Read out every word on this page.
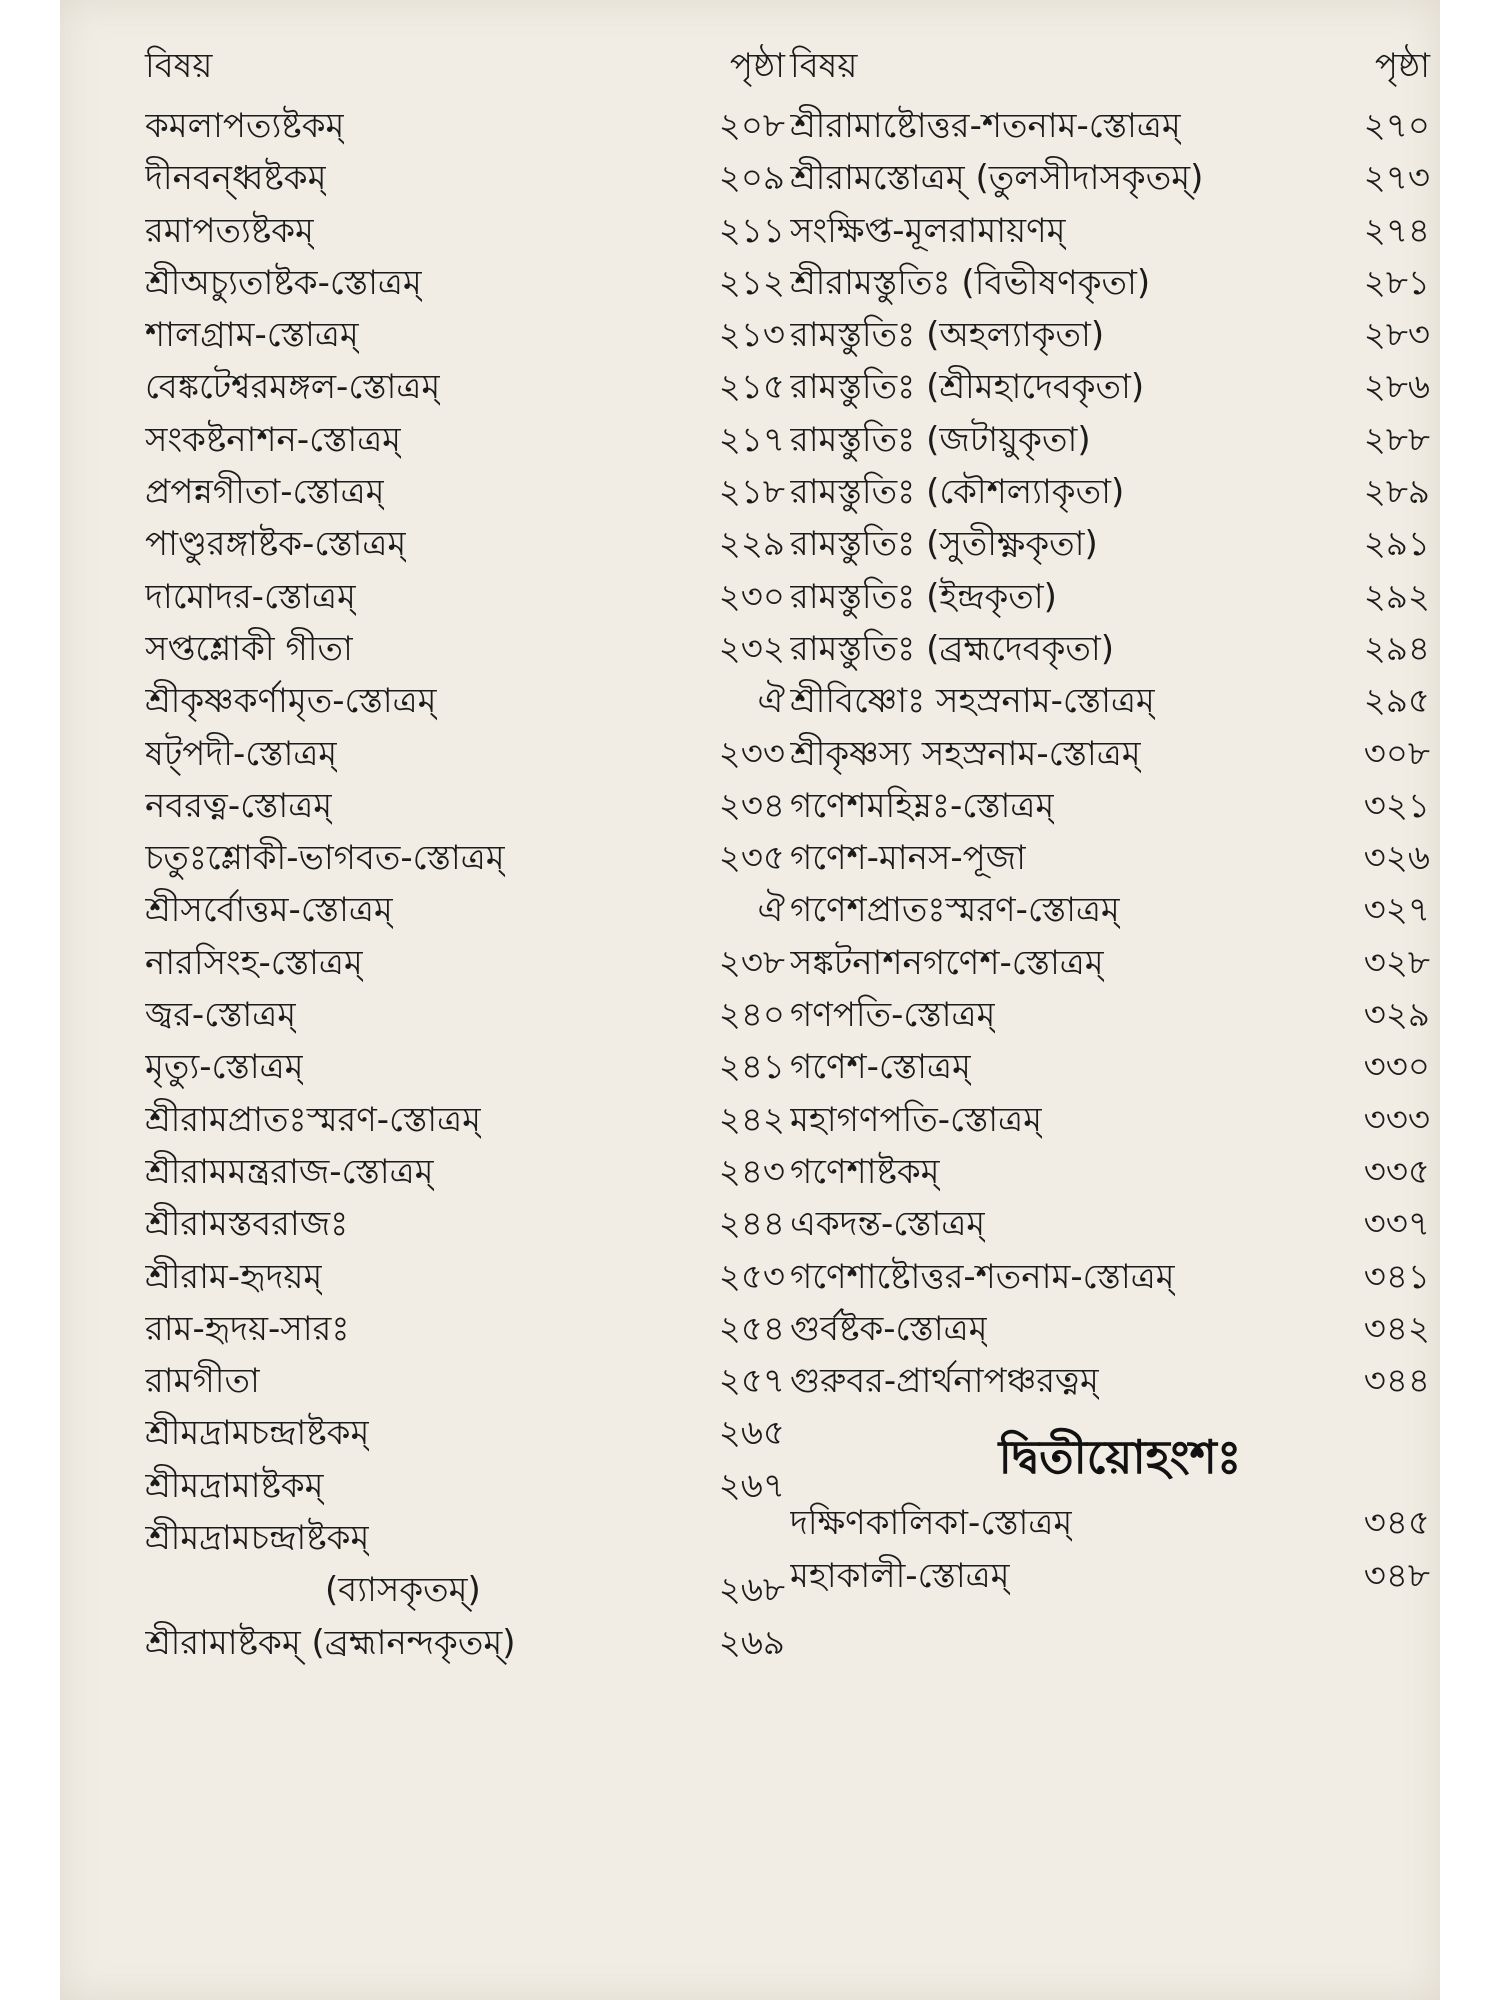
বিষয়	পৃষ্ঠা
কমলাপত্যষ্টকম্	২০৮
দীনবন্ধ্বষ্টকম্	২০৯
রমাপত্যষ্টকম্	২১১
শ্রীঅচ্যুতাষ্টক-স্তোত্রম্	২১২
শালগ্রাম-স্তোত্রম্	২১৩
বেঙ্কটেশ্বরমঙ্গল-স্তোত্রম্	২১৫
সংকষ্টনাশন-স্তোত্রম্	২১৭
প্রপন্নগীতা-স্তোত্রম্	২১৮
পাণ্ডুরঙ্গাষ্টক-স্তোত্রম্	২২৯
দামোদর-স্তোত্রম্	২৩০
সপ্তশ্লোকী গীতা	২৩২
শ্রীকৃষ্ণকর্ণামৃত-স্তোত্রম্	ঐ
ষট্‌পদী-স্তোত্রম্	২৩৩
নবরত্ন-স্তোত্রম্	২৩৪
চতুঃশ্লোকী-ভাগবত-স্তোত্রম্	২৩৫
শ্রীসর্বোত্তম-স্তোত্রম্	ঐ
নারসিংহ-স্তোত্রম্	২৩৮
জ্বর-স্তোত্রম্	২৪০
মৃত্যু-স্তোত্রম্	২৪১
শ্রীরামপ্রাতঃস্মরণ-স্তোত্রম্	২৪২
শ্রীরামমন্ত্ররাজ-স্তোত্রম্	২৪৩
শ্রীরামস্তবরাজঃ	২৪৪
শ্রীরাম-হৃদয়ম্	২৫৩
রাম-হৃদয়-সারঃ	২৫৪
রামগীতা	২৫৭
শ্রীমদ্রামচন্দ্রাষ্টকম্	২৬৫
শ্রীমদ্রামাষ্টকম্	২৬৭
শ্রীমদ্রামচন্দ্রাষ্টকম্
(ব্যাসকৃতম্)	২৬৮
শ্রীরামাষ্টকম্ (ব্রহ্মানন্দকৃতম্)	২৬৯
বিষয়	পৃষ্ঠা
শ্রীরামাষ্টোত্তর-শতনাম-স্তোত্রম্	২৭০
শ্রীরামস্তোত্রম্ (তুলসীদাসকৃতম্)	২৭৩
সংক্ষিপ্ত-মূলরামায়ণম্	২৭৪
শ্রীরামস্তুতিঃ (বিভীষণকৃতা)	২৮১
রামস্তুতিঃ (অহল্যাকৃতা)	২৮৩
রামস্তুতিঃ (শ্রীমহাদেবকৃতা)	২৮৬
রামস্তুতিঃ (জটায়ুকৃতা)	২৮৮
রামস্তুতিঃ (কৌশল্যাকৃতা)	২৮৯
রামস্তুতিঃ (সুতীক্ষ্ণকৃতা)	২৯১
রামস্তুতিঃ (ইন্দ্রকৃতা)	২৯২
রামস্তুতিঃ (ব্রহ্মদেবকৃতা)	২৯৪
শ্রীবিষ্ণোঃ সহস্রনাম-স্তোত্রম্	২৯৫
শ্রীকৃষ্ণস্য সহস্রনাম-স্তোত্রম্	৩০৮
গণেশমহিম্নঃ-স্তোত্রম্	৩২১
গণেশ-মানস-পূজা	৩২৬
গণেশপ্রাতঃস্মরণ-স্তোত্রম্	৩২৭
সঙ্কটনাশনগণেশ-স্তোত্রম্	৩২৮
গণপতি-স্তোত্রম্	৩২৯
গণেশ-স্তোত্রম্	৩৩০
মহাগণপতি-স্তোত্রম্	৩৩৩
গণেশাষ্টকম্	৩৩৫
একদন্ত-স্তোত্রম্	৩৩৭
গণেশাষ্টোত্তর-শতনাম-স্তোত্রম্	৩৪১
গুর্বষ্টক-স্তোত্রম্	৩৪২
গুরুবর-প্রার্থনাপঞ্চরত্নম্	৩৪৪
দ্বিতীয়োহংশঃ
দক্ষিণকালিকা-স্তোত্রম্	৩৪৫
মহাকালী-স্তোত্রম্	৩৪৮
